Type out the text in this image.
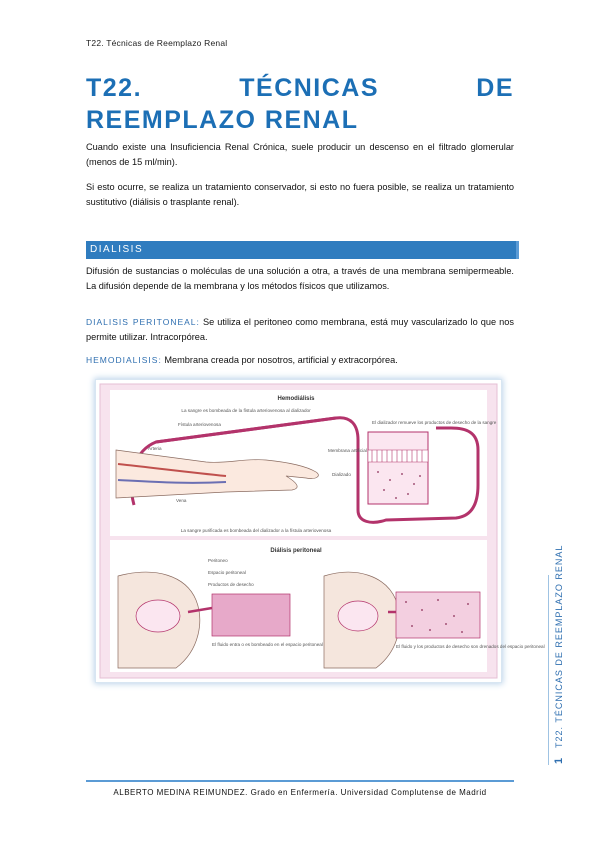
T22. Técnicas de Reemplazo Renal
T22. TÉCNICAS DE REEMPLAZO RENAL
Cuando existe una Insuficiencia Renal Crónica, suele producir un descenso en el filtrado glomerular (menos de 15 ml/min).
Si esto ocurre, se realiza un tratamiento conservador, si esto no fuera posible, se realiza un tratamiento sustitutivo (diálisis o trasplante renal).
DIALISIS
Difusión de sustancias o moléculas de una solución a otra, a través de una membrana semipermeable. La difusión depende de la membrana y los métodos físicos que utilizamos.
DIALISIS PERITONEAL: Se utiliza el peritoneo como membrana, está muy vascularizado lo que nos permite utilizar. Intracorpórea.
HEMODIALISIS: Membrana creada por nosotros, artificial y extracorpórea.
Hemodiálisis
La sangre es bombeada de la fístula arteriovenosa al dializador
La sangre purificada es bombeada del dializador a la fístula arteriovenosa
Fístula arteriovenosa
Arteria
Vena
El dializador remueve los productos de desecho de la sangre
Membrana artificial
Dializado
Diálisis peritoneal
Peritoneo
Espacio peritoneal
Productos de desecho
El fluido entra o es bombeado en el espacio peritoneal	El fluido y los productos de desecho son drenados del espacio peritoneal T22. TÉCNICAS DE REEMPLAZO RENAL
1
ALBERTO MEDINA REIMUNDEZ. Grado en Enfermería. Universidad Complutense de Madrid
